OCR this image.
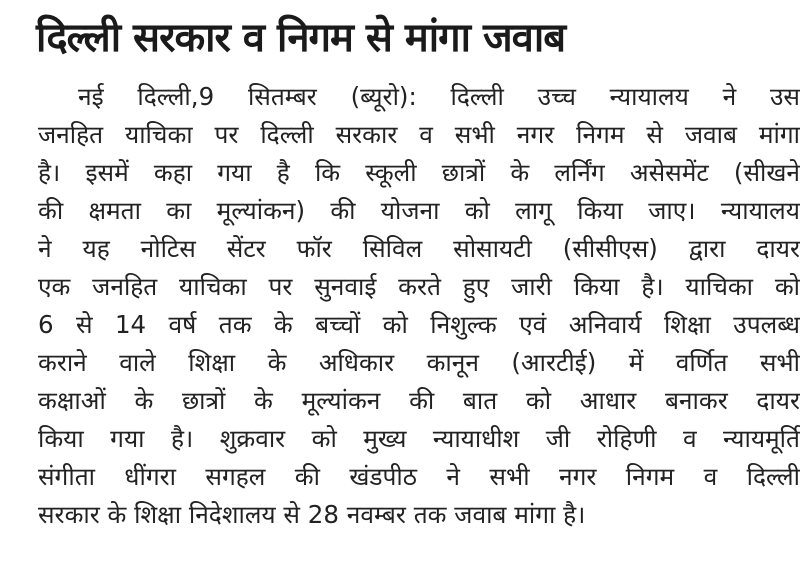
दिल्ली सरकार व निगम से मांगा जवाब
नई दिल्ली,9 सितम्बर (ब्यूरो): दिल्ली उच्च न्यायालय ने उस
जनहित याचिका पर दिल्ली सरकार व सभी नगर निगम से जवाब मांगा
है। इसमें कहा गया है कि स्कूली छात्रों के लर्निंग असेसमेंट (सीखने
की क्षमता का मूल्यांकन) की योजना को लागू किया जाए। न्यायालय
ने यह नोटिस सेंटर फॉर सिविल सोसायटी (सीसीएस) द्वारा दायर
एक जनहित याचिका पर सुनवाई करते हुए जारी किया है। याचिका को
6 से 14 वर्ष तक के बच्चों को निशुल्क एवं अनिवार्य शिक्षा उपलब्ध
कराने वाले शिक्षा के अधिकार कानून (आरटीई) में वर्णित सभी
कक्षाओं के छात्रों के मूल्यांकन की बात को आधार बनाकर दायर
किया गया है। शुक्रवार को मुख्य न्यायाधीश जी रोहिणी व न्यायमूर्ति
संगीता धींगरा सगहल की खंडपीठ ने सभी नगर निगम व दिल्ली
सरकार के शिक्षा निदेशालय से 28 नवम्बर तक जवाब मांगा है।
